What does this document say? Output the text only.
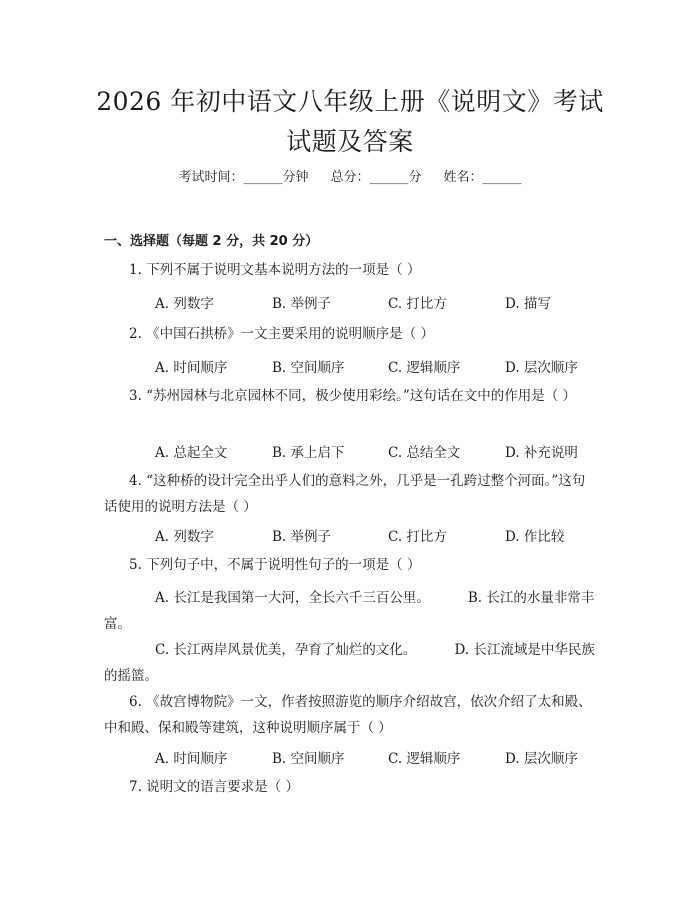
2026 年初中语文八年级上册《说明文》考试
试题及答案
考试时间：______分钟 总分：______分 姓名：______
一、选择题（每题 2 分，共 20 分）
1. 下列不属于说明文基本说明方法的一项是（ ）
A. 列数字	B. 举例子	C. 打比方	D. 描写
2. 《中国石拱桥》一文主要采用的说明顺序是（ ）
A. 时间顺序	B. 空间顺序	C. 逻辑顺序	D. 层次顺序
3. “苏州园林与北京园林不同，极少使用彩绘。”这句话在文中的作用是（ ）
A. 总起全文	B. 承上启下	C. 总结全文	D. 补充说明
4. “这种桥的设计完全出乎人们的意料之外，几乎是一孔跨过整个河面。”这句话使用的说明方法是（ ）
A. 列数字	B. 举例子	C. 打比方	D. 作比较
5. 下列句子中，不属于说明性句子的一项是（ ）
A. 长江是我国第一大河，全长六千三百公里。	B. 长江的水量非常丰富。
C. 长江两岸风景优美，孕育了灿烂的文化。	D. 长江流域是中华民族的摇篮。
6. 《故宫博物院》一文，作者按照游览的顺序介绍故宫，依次介绍了太和殿、中和殿、保和殿等建筑，这种说明顺序属于（ ）
A. 时间顺序	B. 空间顺序	C. 逻辑顺序	D. 层次顺序
7. 说明文的语言要求是（ ）
